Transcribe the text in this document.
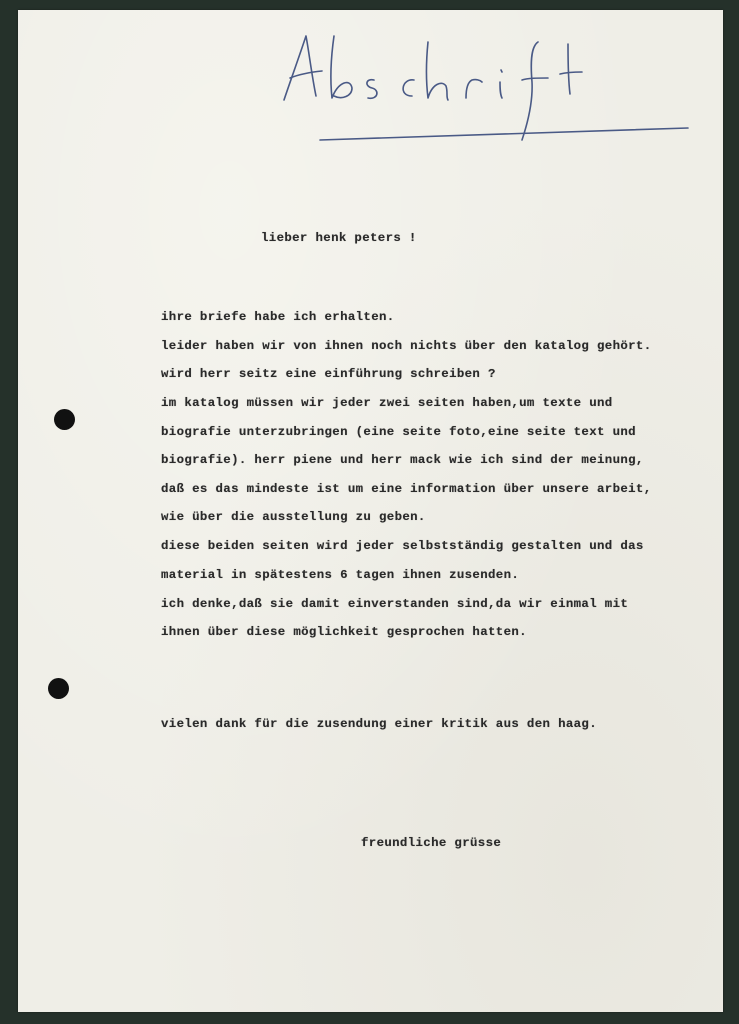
lieber henk peters !
ihre briefe habe ich erhalten.
leider haben wir von ihnen noch nichts über den katalog gehört.
wird herr seitz eine einführung schreiben ?
im katalog müssen wir jeder zwei seiten haben,um texte und
biografie unterzubringen (eine seite foto,eine seite text und
biografie). herr piene und herr mack wie ich sind der meinung,
daß es das mindeste ist um eine information über unsere arbeit,
wie über die ausstellung zu geben.
diese beiden seiten wird jeder selbstständig gestalten und das
material in spätestens 6 tagen ihnen zusenden.
ich denke,daß sie damit einverstanden sind,da wir einmal mit
ihnen über diese möglichkeit gesprochen hatten.
vielen dank für die zusendung einer kritik aus den haag.
freundliche grüsse
